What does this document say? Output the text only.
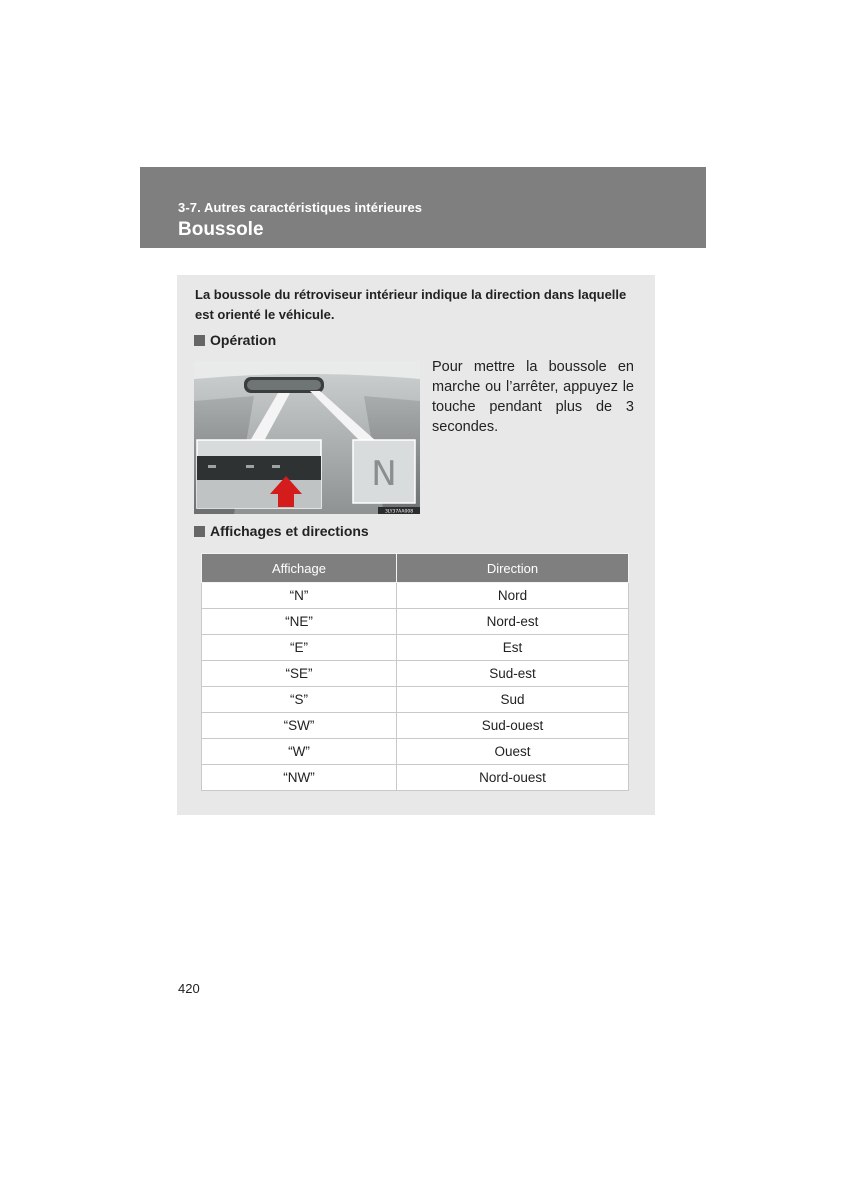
3-7. Autres caractéristiques intérieures
Boussole
La boussole du rétroviseur intérieur indique la direction dans laquelle est orienté le véhicule.
Opération
N
3LY37AA008
Pour mettre la boussole en marche ou l’arrêter, appuyez le touche pendant plus de 3 secondes.
Affichages et directions
Affichage	Direction
“N”	Nord
“NE”	Nord-est
“E”	Est
“SE”	Sud-est
“S”	Sud
“SW”	Sud-ouest
“W”	Ouest
“NW”	Nord-ouest
420
